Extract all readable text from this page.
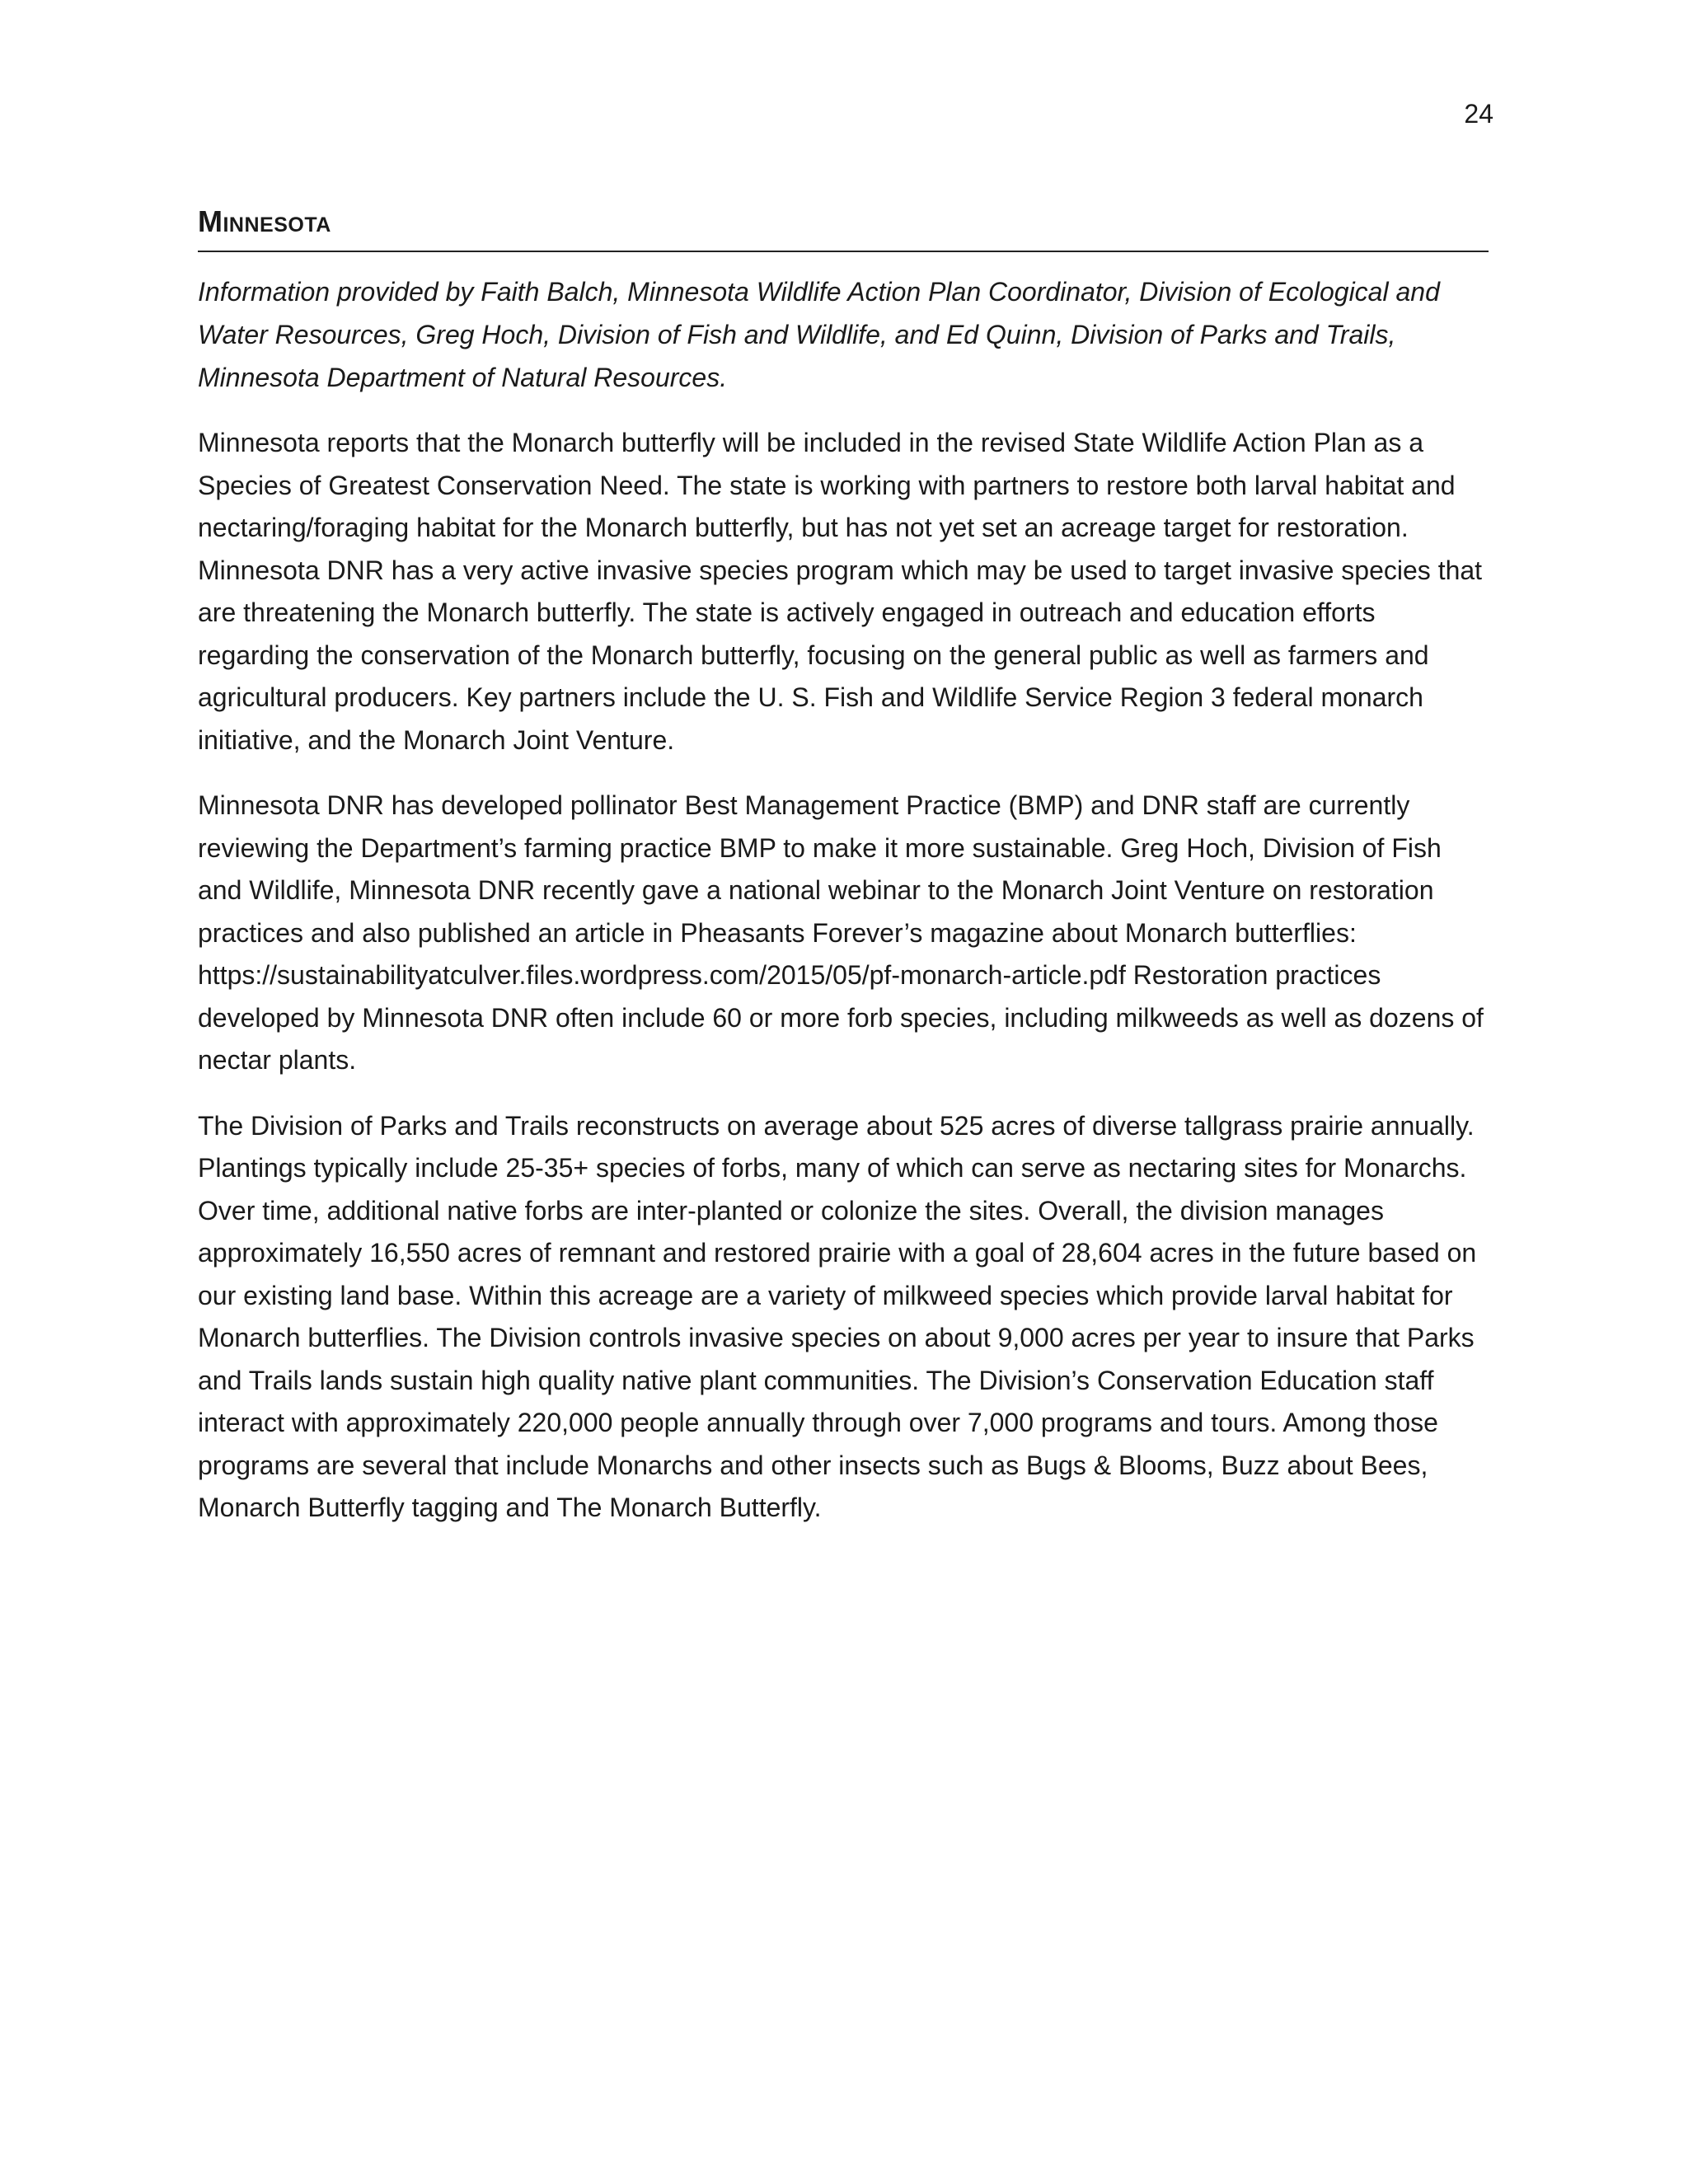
24
Minnesota

Information provided by Faith Balch, Minnesota Wildlife Action Plan Coordinator, Division of Ecological and Water Resources, Greg Hoch, Division of Fish and Wildlife, and Ed Quinn, Division of Parks and Trails, Minnesota Department of Natural Resources.

Minnesota reports that the Monarch butterfly will be included in the revised State Wildlife Action Plan as a Species of Greatest Conservation Need. The state is working with partners to restore both larval habitat and nectaring/foraging habitat for the Monarch butterfly, but has not yet set an acreage target for restoration. Minnesota DNR has a very active invasive species program which may be used to target invasive species that are threatening the Monarch butterfly. The state is actively engaged in outreach and education efforts regarding the conservation of the Monarch butterfly, focusing on the general public as well as farmers and agricultural producers. Key partners include the U. S. Fish and Wildlife Service Region 3 federal monarch initiative, and the Monarch Joint Venture.

Minnesota DNR has developed pollinator Best Management Practice (BMP) and DNR staff are currently reviewing the Department’s farming practice BMP to make it more sustainable. Greg Hoch, Division of Fish and Wildlife, Minnesota DNR recently gave a national webinar to the Monarch Joint Venture on restoration practices and also published an article in Pheasants Forever’s magazine about Monarch butterflies: https://sustainabilityatculver.files.wordpress.com/2015/05/pf-monarch-article.pdf Restoration practices developed by Minnesota DNR often include 60 or more forb species, including milkweeds as well as dozens of nectar plants.

The Division of Parks and Trails reconstructs on average about 525 acres of diverse tallgrass prairie annually. Plantings typically include 25-35+ species of forbs, many of which can serve as nectaring sites for Monarchs. Over time, additional native forbs are inter-planted or colonize the sites. Overall, the division manages approximately 16,550 acres of remnant and restored prairie with a goal of 28,604 acres in the future based on our existing land base. Within this acreage are a variety of milkweed species which provide larval habitat for Monarch butterflies. The Division controls invasive species on about 9,000 acres per year to insure that Parks and Trails lands sustain high quality native plant communities. The Division’s Conservation Education staff interact with approximately 220,000 people annually through over 7,000 programs and tours. Among those programs are several that include Monarchs and other insects such as Bugs & Blooms, Buzz about Bees, Monarch Butterfly tagging and The Monarch Butterfly.
